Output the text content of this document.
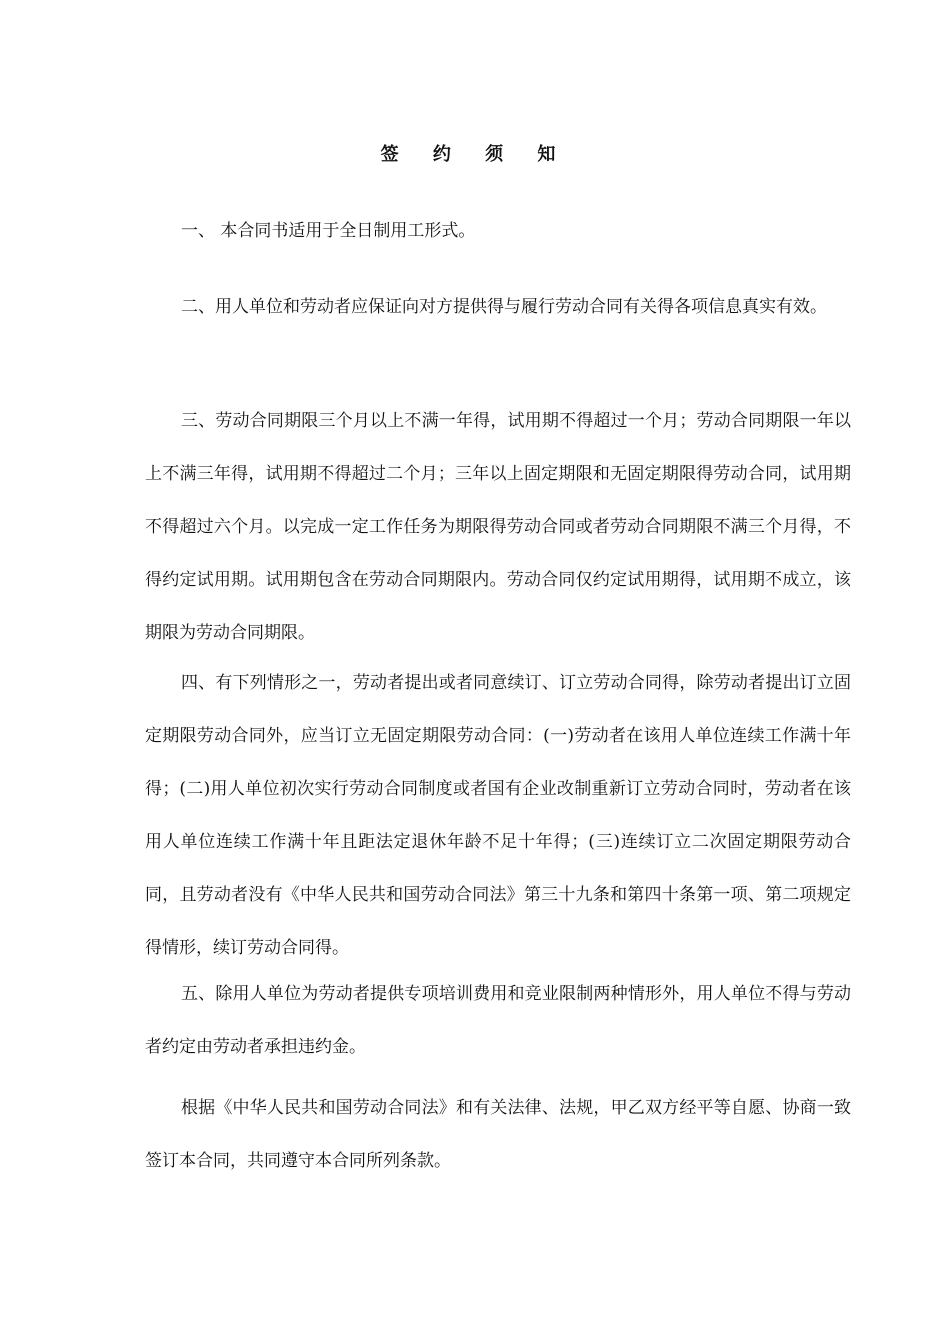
签 约 须 知

一、 本合同书适用于全日制用工形式。

二、用人单位和劳动者应保证向对方提供得与履行劳动合同有关得各项信息真实有效。

三、劳动合同期限三个月以上不满一年得，试用期不得超过一个月；劳动合同期限一年以上不满三年得，试用期不得超过二个月；三年以上固定期限和无固定期限得劳动合同，试用期不得超过六个月。以完成一定工作任务为期限得劳动合同或者劳动合同期限不满三个月得，不得约定试用期。试用期包含在劳动合同期限内。劳动合同仅约定试用期得，试用期不成立，该期限为劳动合同期限。

四、有下列情形之一，劳动者提出或者同意续订、订立劳动合同得，除劳动者提出订立固定期限劳动合同外，应当订立无固定期限劳动合同：(一)劳动者在该用人单位连续工作满十年得；(二)用人单位初次实行劳动合同制度或者国有企业改制重新订立劳动合同时，劳动者在该用人单位连续工作满十年且距法定退休年龄不足十年得；(三)连续订立二次固定期限劳动合同，且劳动者没有《中华人民共和国劳动合同法》第三十九条和第四十条第一项、第二项规定得情形，续订劳动合同得。

五、除用人单位为劳动者提供专项培训费用和竞业限制两种情形外，用人单位不得与劳动者约定由劳动者承担违约金。

根据《中华人民共和国劳动合同法》和有关法律、法规，甲乙双方经平等自愿、协商一致签订本合同，共同遵守本合同所列条款。
